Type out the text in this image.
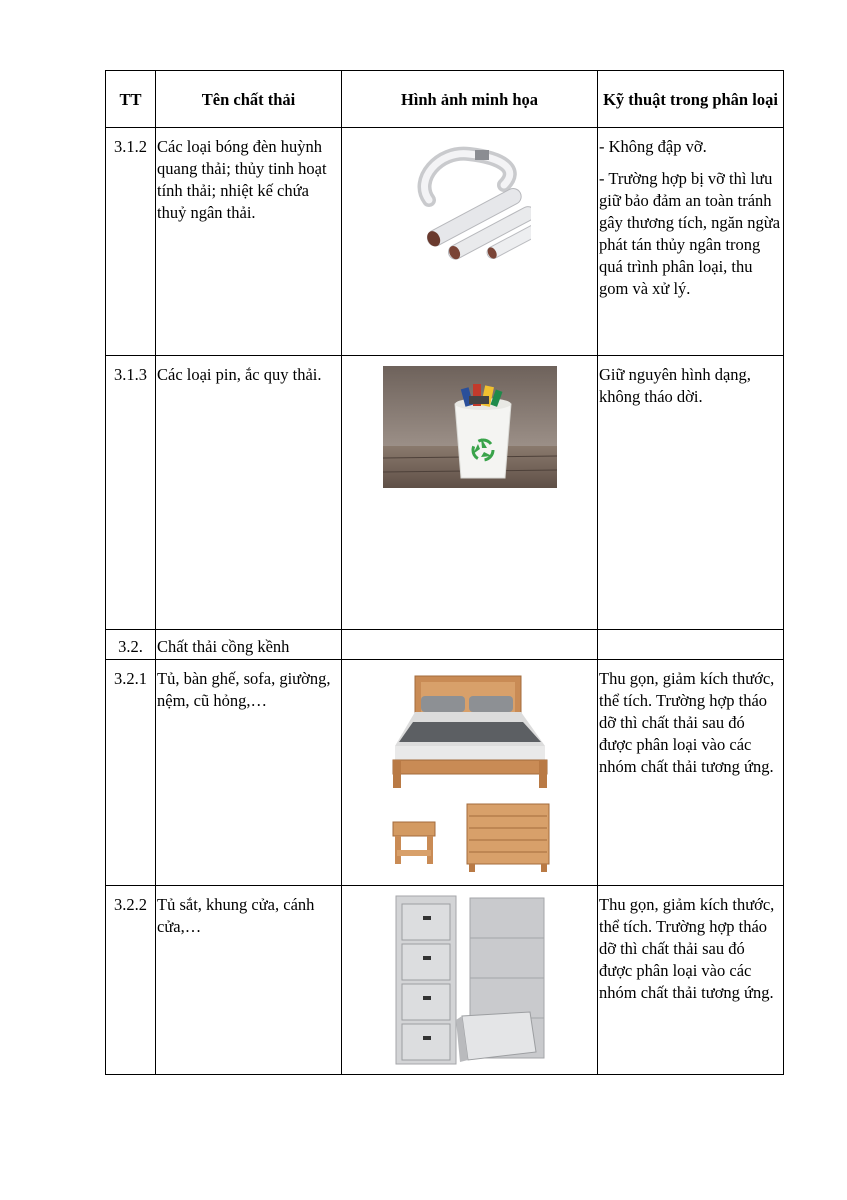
TT	Tên chất thải	Hình ảnh minh họa	Kỹ thuật trong phân loại

3.1.2	Các loại bóng đèn huỳnh quang thải; thủy tinh hoạt tính thải; nhiệt kế chứa thuỷ ngân thải.		- Không đập vỡ.

- Trường hợp bị vỡ thì lưu giữ bảo đảm an toàn tránh gây thương tích, ngăn ngừa phát tán thủy ngân trong quá trình phân loại, thu gom và xử lý.

3.1.3	Các loại pin, ắc quy thải.		Giữ nguyên hình dạng, không tháo dời.

3.2.	Chất thải cồng kềnh		
3.2.1	Tủ, bàn ghế, sofa, giường, nệm, cũ hỏng,…		Thu gọn, giảm kích thước, thể tích. Trường hợp tháo dỡ thì chất thải sau đó được phân loại vào các nhóm chất thải tương ứng.

3.2.2	Tủ sắt, khung cửa, cánh cửa,…		Thu gọn, giảm kích thước, thể tích. Trường hợp tháo dỡ thì chất thải sau đó được phân loại vào các nhóm chất thải tương ứng.
